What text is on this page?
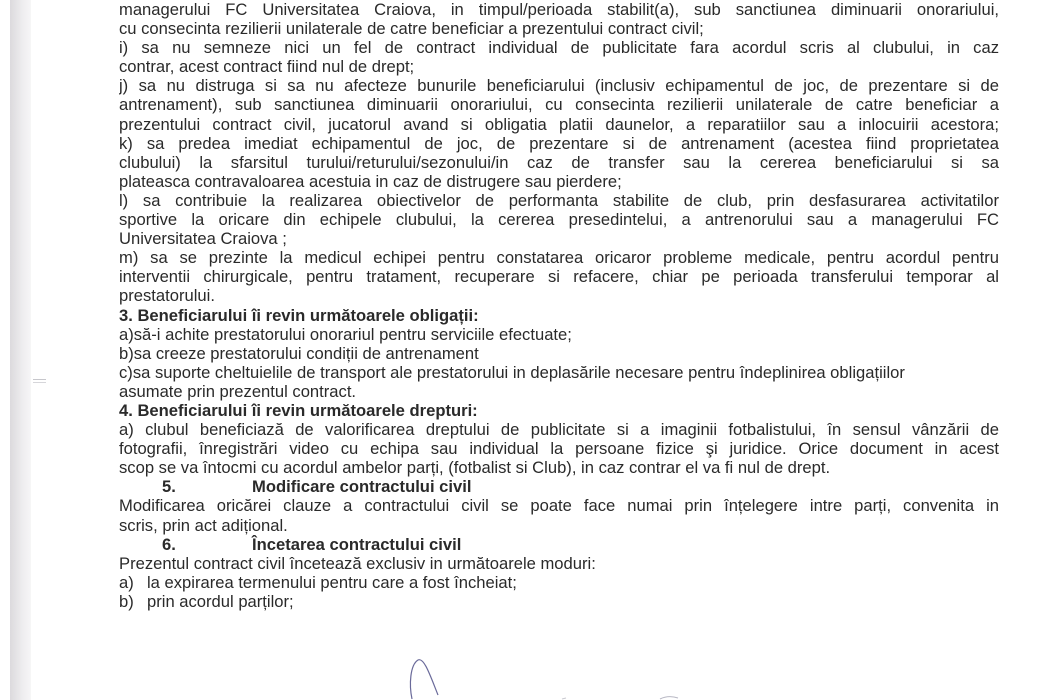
managerului FC Universitatea Craiova, in timpul/perioada stabilit(a), sub sanctiunea diminuarii onorariului,
cu consecinta rezilierii unilaterale de catre beneficiar a prezentului contract civil;
i) sa nu semneze nici un fel de contract individual de publicitate fara acordul scris al clubului, in caz
contrar, acest contract fiind nul de drept;
j) sa nu distruga si sa nu afecteze bunurile beneficiarului (inclusiv echipamentul de joc, de prezentare si de
antrenament), sub sanctiunea diminuarii onorariului, cu consecinta rezilierii unilaterale de catre beneficiar a
prezentului contract civil, jucatorul avand si obligatia platii daunelor, a reparatiilor sau a inlocuirii acestora;
k) sa predea imediat echipamentul de joc, de prezentare si de antrenament (acestea fiind proprietatea
clubului) la sfarsitul turului/returului/sezonului/in caz de transfer sau la cererea beneficiarului si sa
plateasca contravaloarea acestuia in caz de distrugere sau pierdere;
l) sa contribuie la realizarea obiectivelor de performanta stabilite de club, prin desfasurarea activitatilor
sportive la oricare din echipele clubului, la cererea presedintelui, a antrenorului sau a managerului FC
Universitatea Craiova ;
m) sa se prezinte la medicul echipei pentru constatarea oricaror probleme medicale, pentru acordul pentru
interventii chirurgicale, pentru tratament, recuperare si refacere, chiar pe perioada transferului temporar al
prestatorului.
3. Beneficiarului îi revin următoarele obligații:
a)să-i achite prestatorului onorariul pentru serviciile efectuate;
b)sa creeze prestatorului condiții de antrenament
c)sa suporte cheltuielile de transport ale prestatorului in deplasările necesare pentru îndeplinirea obligațiilor
asumate prin prezentul contract.
4. Beneficiarului îi revin următoarele drepturi:
a) clubul beneficiază de valorificarea dreptului de publicitate si a imaginii fotbalistului, în sensul vânzării de
fotografii, înregistrări video cu echipa sau individual la persoane fizice şi juridice. Orice document in acest
scop se va întocmi cu acordul ambelor parți, (fotbalist si Club), in caz contrar el va fi nul de drept.
5.	Modificare contractului civil
Modificarea oricărei clauze a contractului civil se poate face numai prin înțelegere intre parți, convenita in
scris, prin act adițional.
6.	Încetarea contractului civil
Prezentul contract civil încetează exclusiv in următoarele moduri:
a) la expirarea termenului pentru care a fost încheiat;
b) prin acordul parților;
